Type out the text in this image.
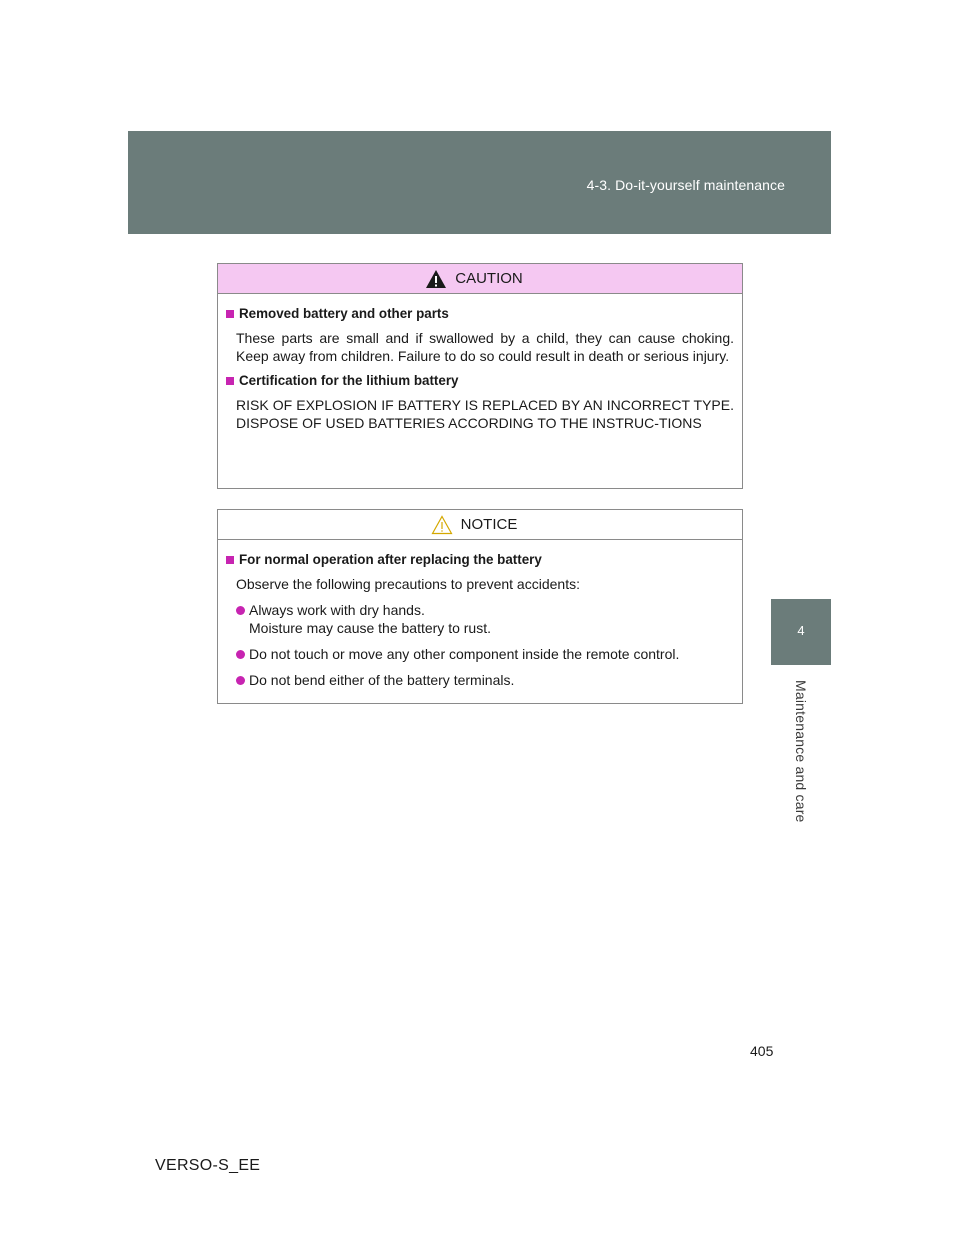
4-3. Do-it-yourself maintenance
4
Maintenance and care
CAUTION
Removed battery and other parts

These parts are small and if swallowed by a child, they can cause choking. Keep away from children. Failure to do so could result in death or serious injury.

Certification for the lithium battery

RISK OF EXPLOSION IF BATTERY IS REPLACED BY AN INCORRECT TYPE. DISPOSE OF USED BATTERIES ACCORDING TO THE INSTRUC-TIONS

NOTICE
For normal operation after replacing the battery

Observe the following precautions to prevent accidents:

Always work with dry hands.
Moisture may cause the battery to rust.
Do not touch or move any other component inside the remote control.
Do not bend either of the battery terminals.
405
VERSO-S_EE
